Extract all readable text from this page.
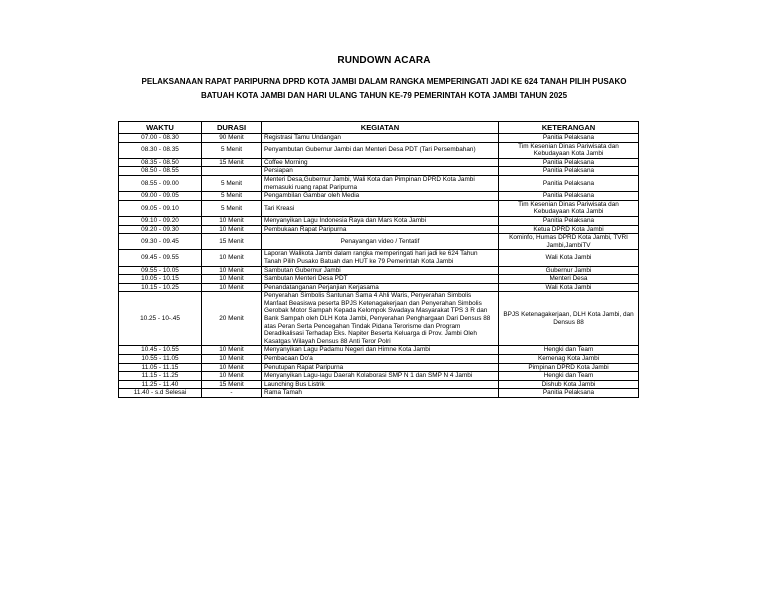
RUNDOWN ACARA
PELAKSANAAN RAPAT PARIPURNA DPRD KOTA JAMBI DALAM RANGKA MEMPERINGATI JADI KE 624 TANAH PILIH PUSAKO
BATUAH KOTA JAMBI DAN HARI ULANG TAHUN KE-79 PEMERINTAH KOTA JAMBI TAHUN 2025
WAKTU	DURASI	KEGIATAN	KETERANGAN
07.00 - 08.30	90 Menit	Registrasi Tamu Undangan	Panitia Pelaksana
08.30 - 08.35	5 Menit	Penyambutan Gubernur Jambi dan Menteri Desa PDT (Tari Persembahan)	Tim Kesenian Dinas Pariwisata dan Kebudayaan Kota Jambi
08.35 - 08.50	15 Menit	Coffee Morning	Panitia Pelaksana
08.50 - 08.55		Persiapan	Panitia Pelaksana
08.55 - 09.00	5 Menit	Menteri Desa,Gubernur Jambi, Wali Kota dan Pimpinan DPRD Kota Jambi memasuki ruang rapat Paripurna	Panitia Pelaksana
09.00 - 09.05	5 Menit	Pengambilan Gambar oleh Media	Panitia Pelaksana
09.05 - 09.10	5 Menit	Tari Kreasi	Tim Kesenian Dinas Pariwisata dan Kebudayaan Kota Jambi
09.10 - 09.20	10 Menit	Menyanyikan Lagu Indonesia Raya dan Mars Kota Jambi	Panitia Pelaksana
09.20 - 09.30	10 Menit	Pembukaan Rapat Paripurna	Ketua DPRD Kota Jambi
09.30 - 09.45	15 Menit	Penayangan video / Tentatif	Kominfo, Humas DPRD Kota Jambi, TVRI Jambi,JambiTV
09.45 - 09.55	10 Menit	Laporan Walikota Jambi dalam rangka memperingati hari jadi ke 624 Tahun Tanah Pilih Pusako Batuah dan HUT ke 79 Pemerintah Kota Jambi	Wali Kota Jambi
09.55 - 10.05	10 Menit	Sambutan Gubernur Jambi	Gubernur Jambi
10.05 - 10.15	10 Menit	Sambutan Menteri Desa PDT	Menteri Desa
10.15 - 10.25	10 Menit	Penandatanganan Perjanjian Kerjasama	Wali Kota Jambi
10.25 - 10-.45	20 Menit	Penyerahan Simbolis Santunan Sama 4 Ahli Waris, Penyerahan Simbolis Manfaat Beasiswa peserta BPJS Ketenagakerjaan dan Penyerahan Simbolis Gerobak Motor Sampah Kepada Kelompok Swadaya Masyarakat TPS 3 R dan Bank Sampah oleh DLH Kota Jambi, Penyerahan Penghargaan Dari Densus 88 atas Peran Serta Pencegahan Tindak Pidana Terorisme dan Program Deradikalisasi Terhadap Eks. Napiter Beserta Keluarga di Prov. Jambi Oleh Kasatgas Wilayah Densus 88 Anti Teror Polri	BPJS Ketenagakerjaan, DLH Kota Jambi, dan Densus 88
10.45 - 10.55	10 Menit	Menyanyikan Lagu Padamu Negeri dan Himne Kota Jambi	Hengki dan Team
10.55 - 11.05	10 Menit	Pembacaan Do'a	Kemenag Kota Jambi
11.05 - 11.15	10 Menit	Penutupan Rapat Paripurna	Pimpinan DPRD Kota Jambi
11.15 - 11.25	10 Menit	Menyanyikan Lagu-lagu Daerah Kolaborasi SMP N 1 dan SMP N 4 Jambi	Hengki dan Team
11.25 - 11.40	15 Menit	Launching Bus Listrik	Dishub Kota Jambi
11.40 - s.d Selesai	-	Rama Tamah	Panitia Pelaksana
